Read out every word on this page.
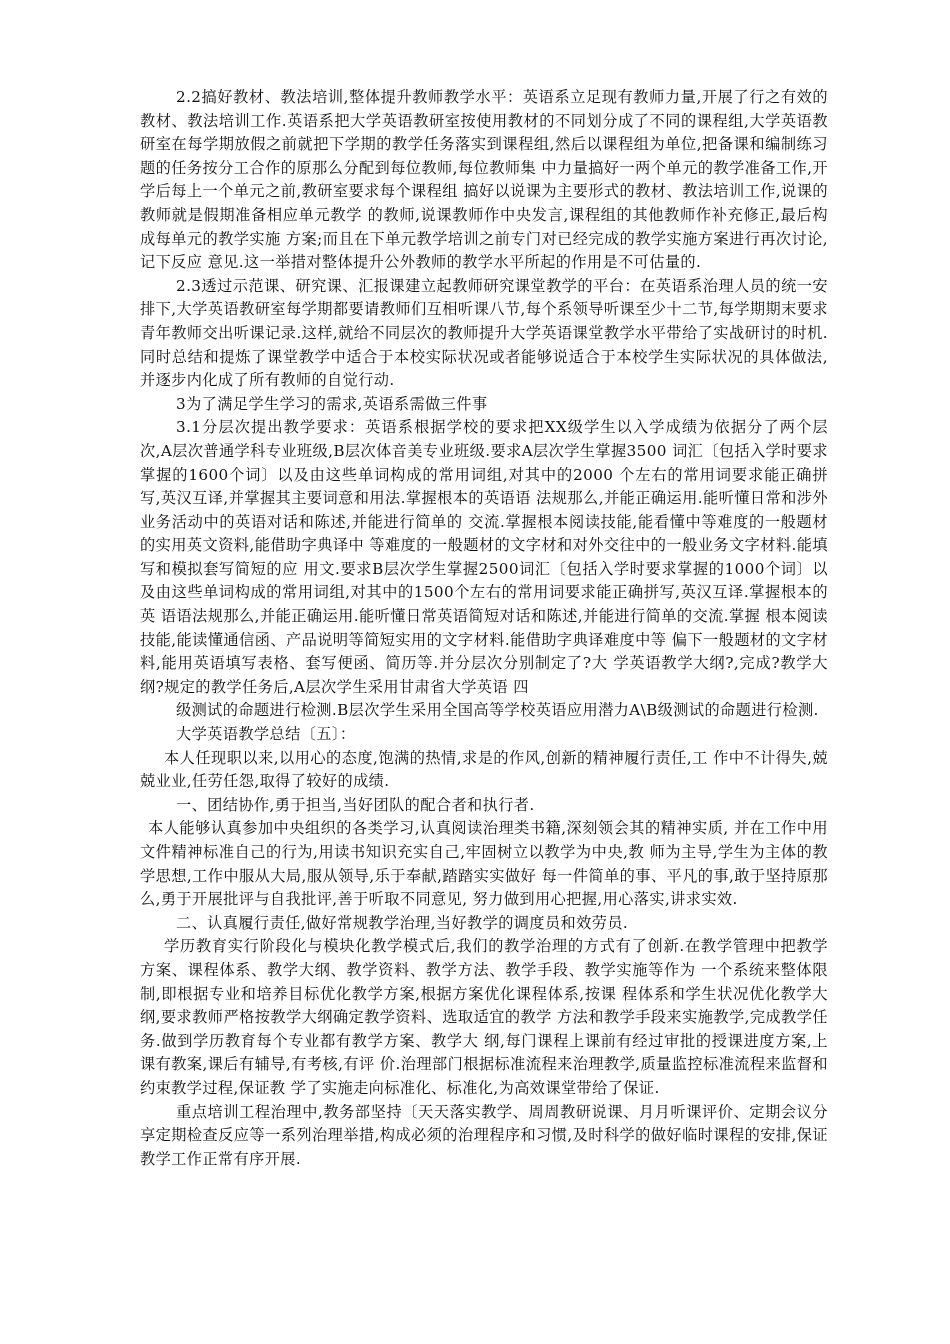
2.2搞好教材、教法培训,整体提升教师教学水平：英语系立足现有教师力量,开展了行之有效的教材、教法培训工作.英语系把大学英语教研室按使用教材的不同划分成了不同的课程组,大学英语教研室在每学期放假之前就把下学期的教学任务落实到课程组,然后以课程组为单位,把备课和编制练习题的任务按分工合作的原那么分配到每位教师,每位教师集 中力量搞好一两个单元的教学准备工作,开学后每上一个单元之前,教研室要求每个课程组 搞好以说课为主要形式的教材、教法培训工作,说课的教师就是假期准备相应单元教学 的教师,说课教师作中央发言,课程组的其他教师作补充修正,最后构成每单元的教学实施 方案;而且在下单元教学培训之前专门对已经完成的教学实施方案进行再次讨论,记下反应 意见.这一举措对整体提升公外教师的教学水平所起的作用是不可估量的.

2.3透过示范课、研究课、汇报课建立起教师研究课堂教学的平台：在英语系治理人员的统一安排下,大学英语教研室每学期都要请教师们互相听课八节,每个系领导听课至少十二节,每学期期末要求青年教师交出听课记录.这样,就给不同层次的教师提升大学英语课堂教学水平带给了实战研讨的时机.同时总结和提炼了课堂教学中适合于本校实际状况或者能够说适合于本校学生实际状况的具体做法,并逐步内化成了所有教师的自觉行动.

3为了满足学生学习的需求,英语系需做三件事

3.1分层次提出教学要求：英语系根据学校的要求把XX级学生以入学成绩为依据分了两个层次,A层次普通学科专业班级,B层次体音美专业班级.要求A层次学生掌握3500 词汇〔包括入学时要求掌握的1600个词〕以及由这些单词构成的常用词组,对其中的2000 个左右的常用词要求能正确拼写,英汉互译,并掌握其主要词意和用法.掌握根本的英语语 法规那么,并能正确运用.能听懂日常和涉外业务活动中的英语对话和陈述,并能进行简单的 交流.掌握根本阅读技能,能看懂中等难度的一般题材的实用英文资料,能借助字典译中 等难度的一般题材的文字材和对外交往中的一般业务文字材料.能填写和模拟套写简短的应 用文.要求B层次学生掌握2500词汇〔包括入学时要求掌握的1000个词〕以及由这些单词构成的常用词组,对其中的1500个左右的常用词要求能正确拼写,英汉互译.掌握根本的英 语语法规那么,并能正确运用.能听懂日常英语简短对话和陈述,并能进行简单的交流.掌握 根本阅读技能,能读懂通信函、产品说明等简短实用的文字材料.能借助字典译难度中等 偏下一般题材的文字材料,能用英语填写表格、套写便函、简历等.并分层次分别制定了?大 学英语教学大纲?,完成?教学大纲?规定的教学任务后,A层次学生采用甘肃省大学英语 四

级测试的命题进行检测.B层次学生采用全国高等学校英语应用潜力A\B级测试的命题进行检测.

大学英语教学总结〔五〕：

本人任现职以来,以用心的态度,饱满的热情,求是的作风,创新的精神履行责任,工 作中不计得失,兢兢业业,任劳任怨,取得了较好的成绩.

一、团结协作,勇于担当,当好团队的配合者和执行者.

本人能够认真参加中央组织的各类学习,认真阅读治理类书籍,深刻领会其的精神实质, 并在工作中用文件精神标准自己的行为,用读书知识充实自己,牢固树立以教学为中央,教 师为主导,学生为主体的教学思想,工作中服从大局,服从领导,乐于奉献,踏踏实实做好 每一件简单的事、平凡的事,敢于坚持原那么,勇于开展批评与自我批评,善于听取不同意见, 努力做到用心把握,用心落实,讲求实效.

二、认真履行责任,做好常规教学治理,当好教学的调度员和效劳员.

学历教育实行阶段化与模块化教学模式后,我们的教学治理的方式有了创新.在教学管理中把教学方案、课程体系、教学大纲、教学资料、教学方法、教学手段、教学实施等作为 一个系统来整体限制,即根据专业和培养目标优化教学方案,根据方案优化课程体系,按课 程体系和学生状况优化教学大纲,要求教师严格按教学大纲确定教学资料、选取适宜的教学 方法和教学手段来实施教学,完成教学任务.做到学历教育每个专业都有教学方案、教学大 纲,每门课程上课前有经过审批的授课进度方案,上课有教案,课后有辅导,有考核,有评 价.治理部门根据标准流程来治理教学,质量监控标准流程来监督和约束教学过程,保证教 学了实施走向标准化、标准化,为高效课堂带给了保证.

重点培训工程治理中,教务部坚持〔天天落实教学、周周教研说课、月月听课评价、定期会议分享定期检查反应等一系列治理举措,构成必须的治理程序和习惯,及时科学的做好临时课程的安排,保证教学工作正常有序开展.
